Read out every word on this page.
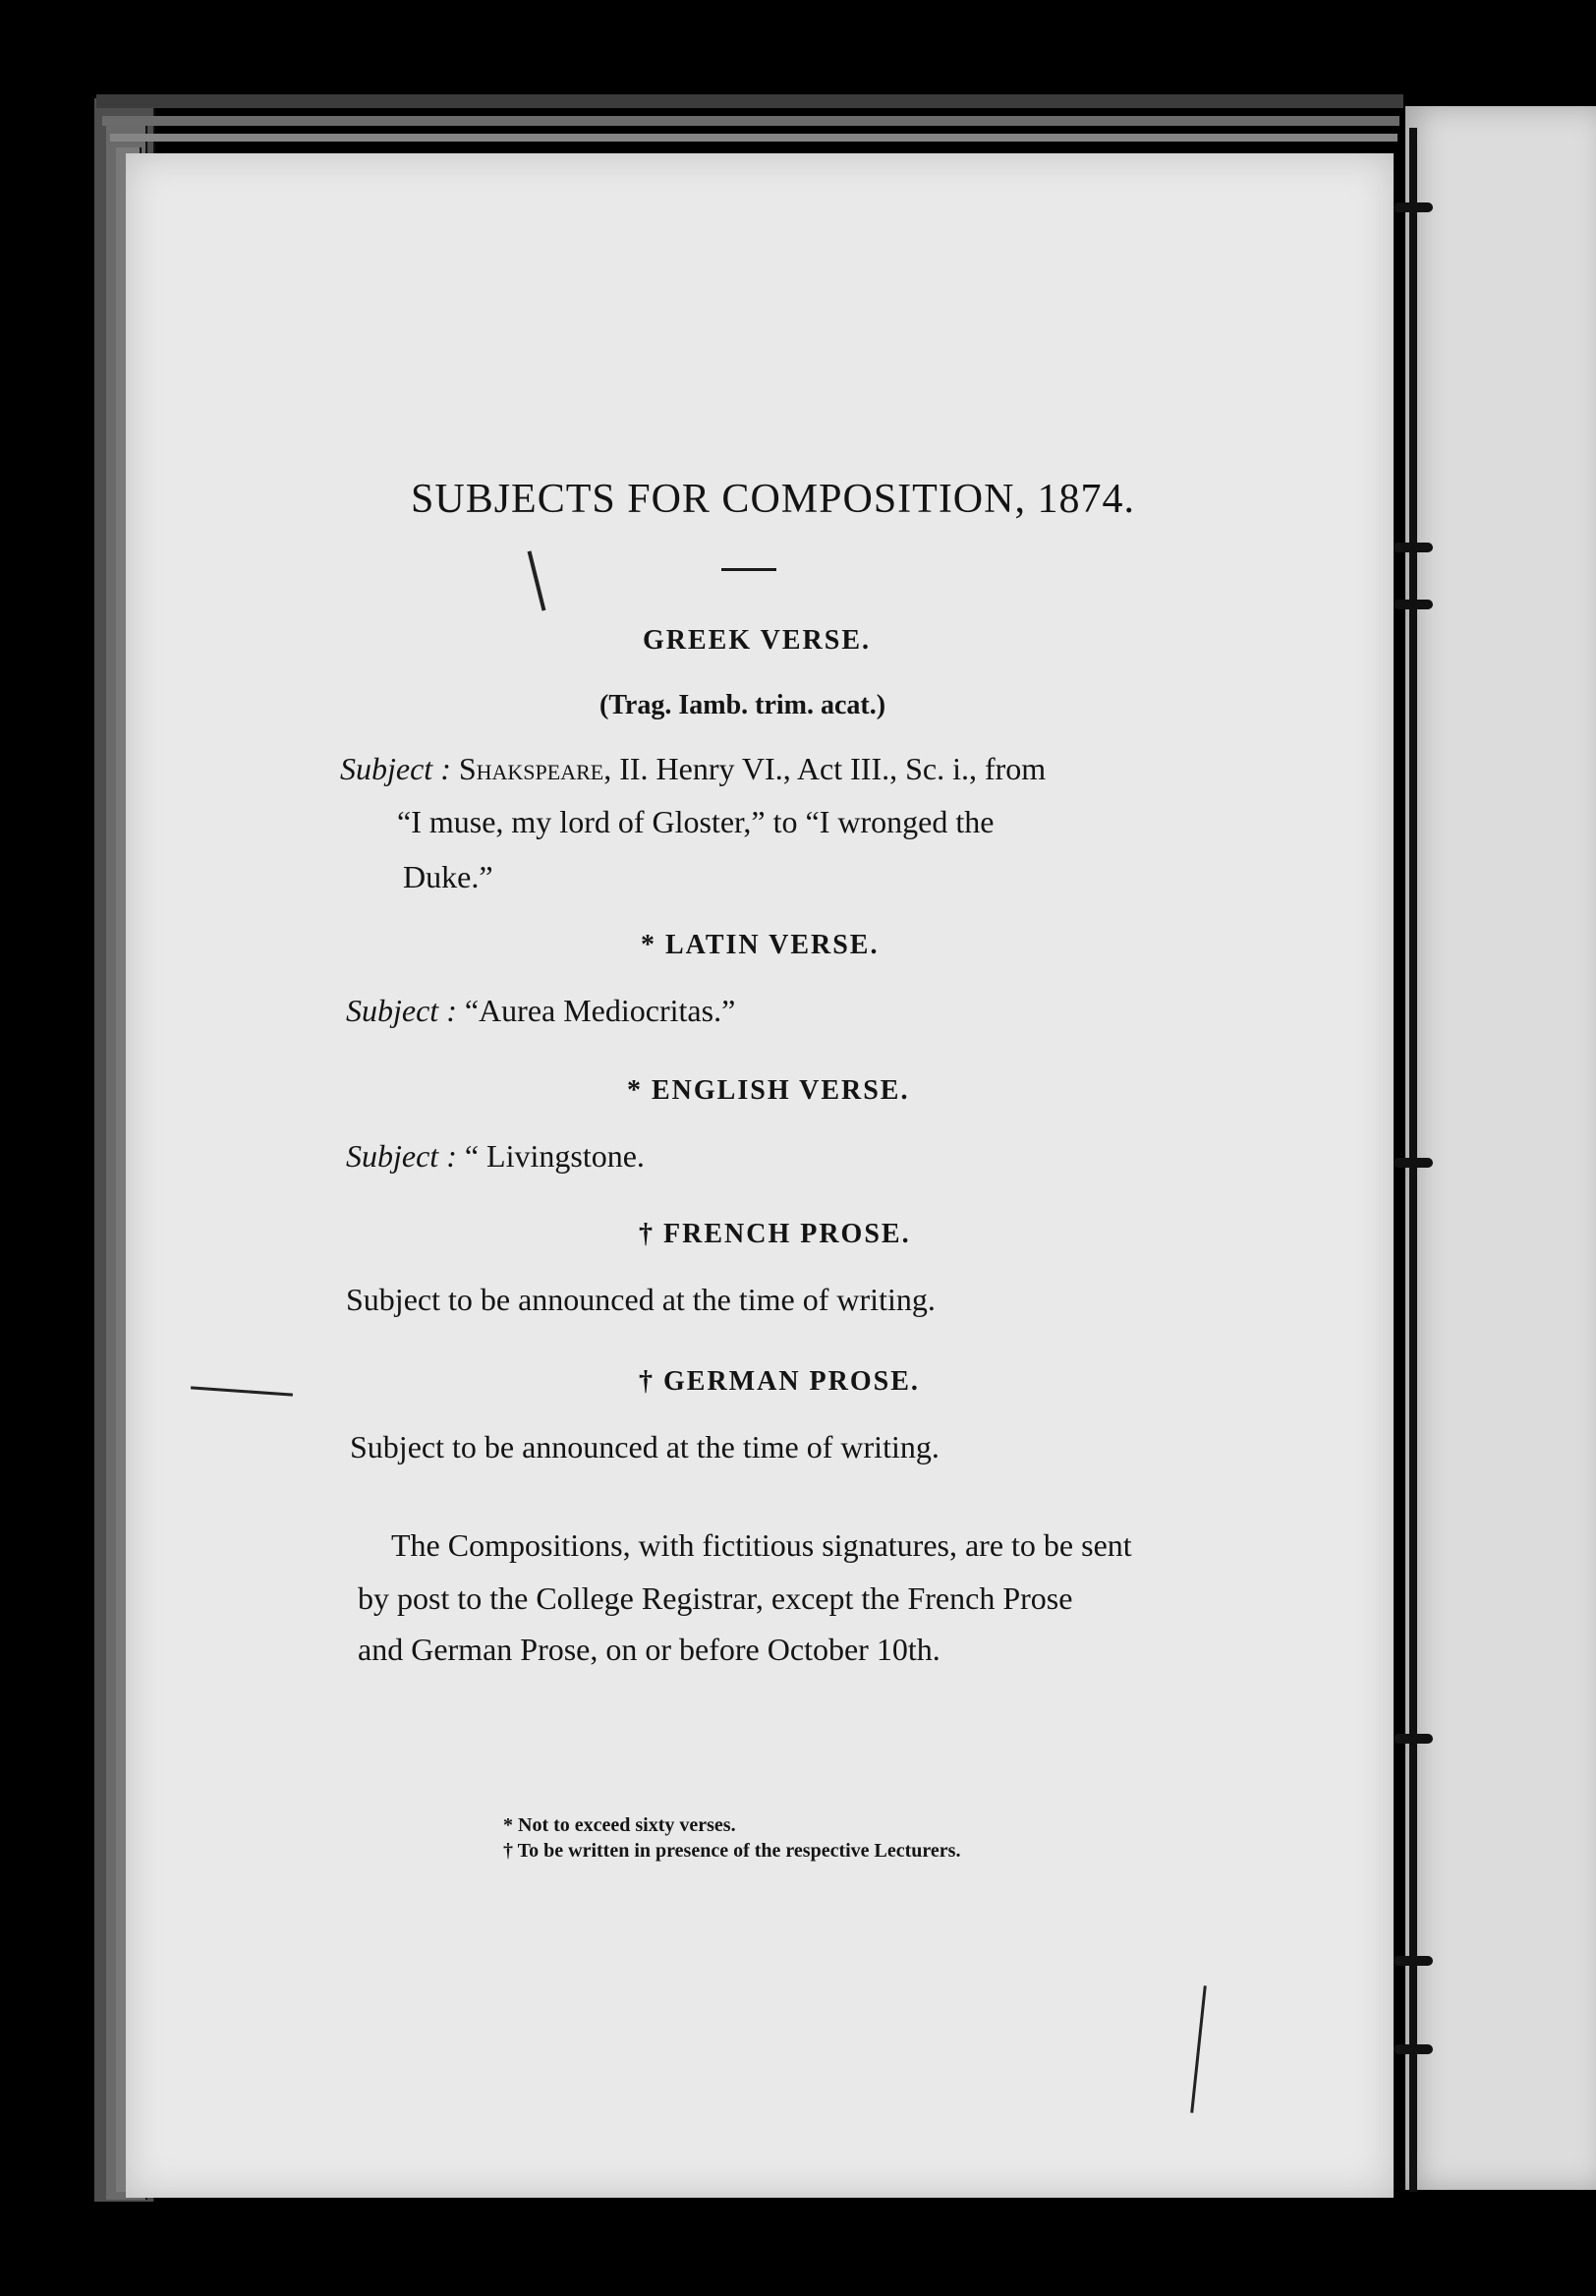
SUBJECTS FOR COMPOSITION, 1874.
GREEK VERSE.
(Trag. Iamb. trim. acat.)
Subject : Shakspeare, II. Henry VI., Act III., Sc. i., from
“I muse, my lord of Gloster,” to “I wronged the
Duke.”
* LATIN VERSE.
Subject : “Aurea Mediocritas.”
* ENGLISH VERSE.
Subject : “ Livingstone.
† FRENCH PROSE.
Subject to be announced at the time of writing.
† GERMAN PROSE.
Subject to be announced at the time of writing.
The Compositions, with fictitious signatures, are to be sent
by post to the College Registrar, except the French Prose
and German Prose, on or before October 10th.
* Not to exceed sixty verses.
† To be written in presence of the respective Lecturers.
